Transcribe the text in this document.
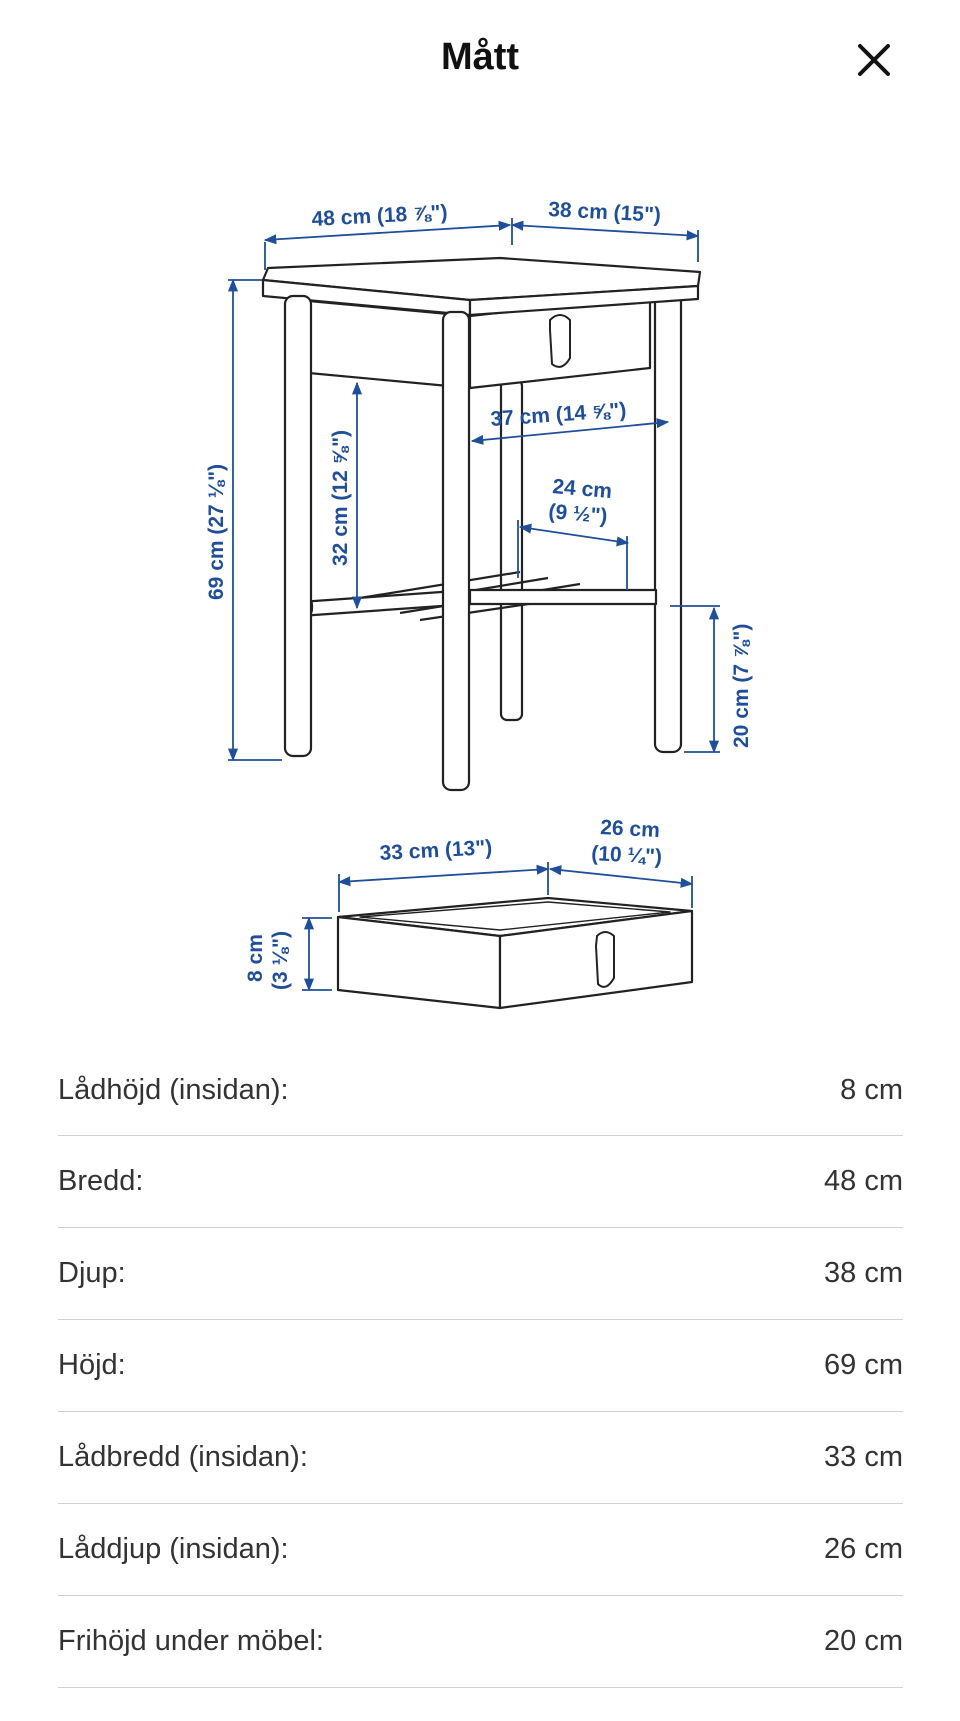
Mått
48 cm (18 ⅞")	38 cm (15")
69 cm (27 ⅛")	32 cm (12 ⅝")
37 cm (14 ⅝")
24 cm
(9 ½")
20 cm (7 ⅞")
33 cm (13")
26 cm
(10 ¼")
8 cm (3 ⅛")
Lådhöjd (insidan):	8 cm
Bredd:	48 cm
Djup:	38 cm
Höjd:	69 cm
Lådbredd (insidan):	33 cm
Låddjup (insidan):	26 cm
Frihöjd under möbel:	20 cm
